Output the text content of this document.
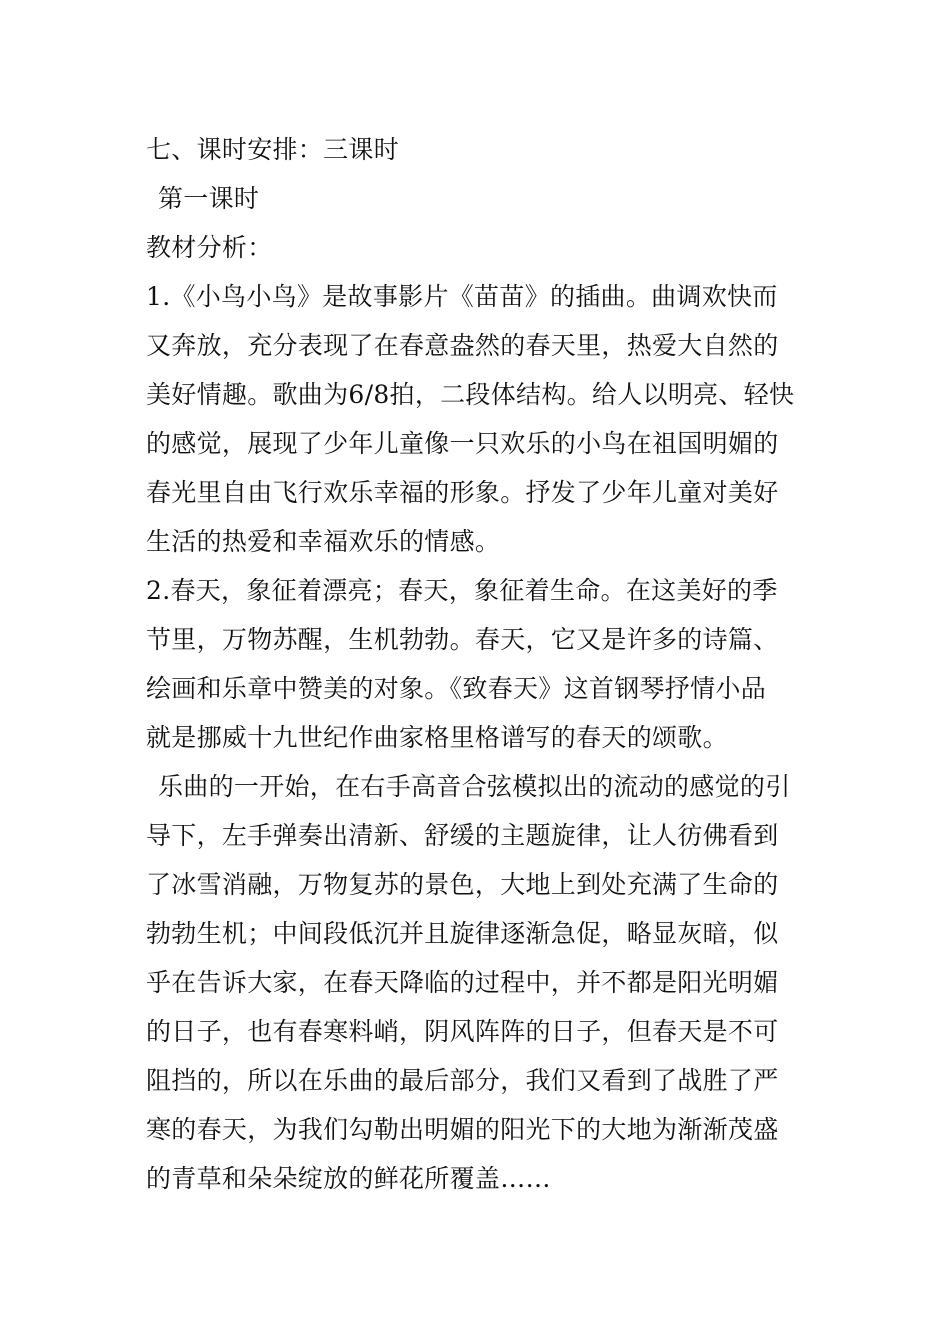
七、课时安排：三课时
第一课时
教材分析：
1.《小鸟小鸟》是故事影片《苗苗》的插曲。曲调欢快而
又奔放，充分表现了在春意盎然的春天里，热爱大自然的
美好情趣。歌曲为6/8拍，二段体结构。给人以明亮、轻快
的感觉，展现了少年儿童像一只欢乐的小鸟在祖国明媚的
春光里自由飞行欢乐幸福的形象。抒发了少年儿童对美好
生活的热爱和幸福欢乐的情感。
2.春天，象征着漂亮；春天，象征着生命。在这美好的季
节里，万物苏醒，生机勃勃。春天，它又是许多的诗篇、
绘画和乐章中赞美的对象。《致春天》这首钢琴抒情小品
就是挪威十九世纪作曲家格里格谱写的春天的颂歌。
乐曲的一开始，在右手高音合弦模拟出的流动的感觉的引
导下，左手弹奏出清新、舒缓的主题旋律，让人彷佛看到
了冰雪消融，万物复苏的景色，大地上到处充满了生命的
勃勃生机；中间段低沉并且旋律逐渐急促，略显灰暗，似
乎在告诉大家，在春天降临的过程中，并不都是阳光明媚
的日子，也有春寒料峭，阴风阵阵的日子，但春天是不可
阻挡的，所以在乐曲的最后部分，我们又看到了战胜了严
寒的春天，为我们勾勒出明媚的阳光下的大地为渐渐茂盛
的青草和朵朵绽放的鲜花所覆盖……
